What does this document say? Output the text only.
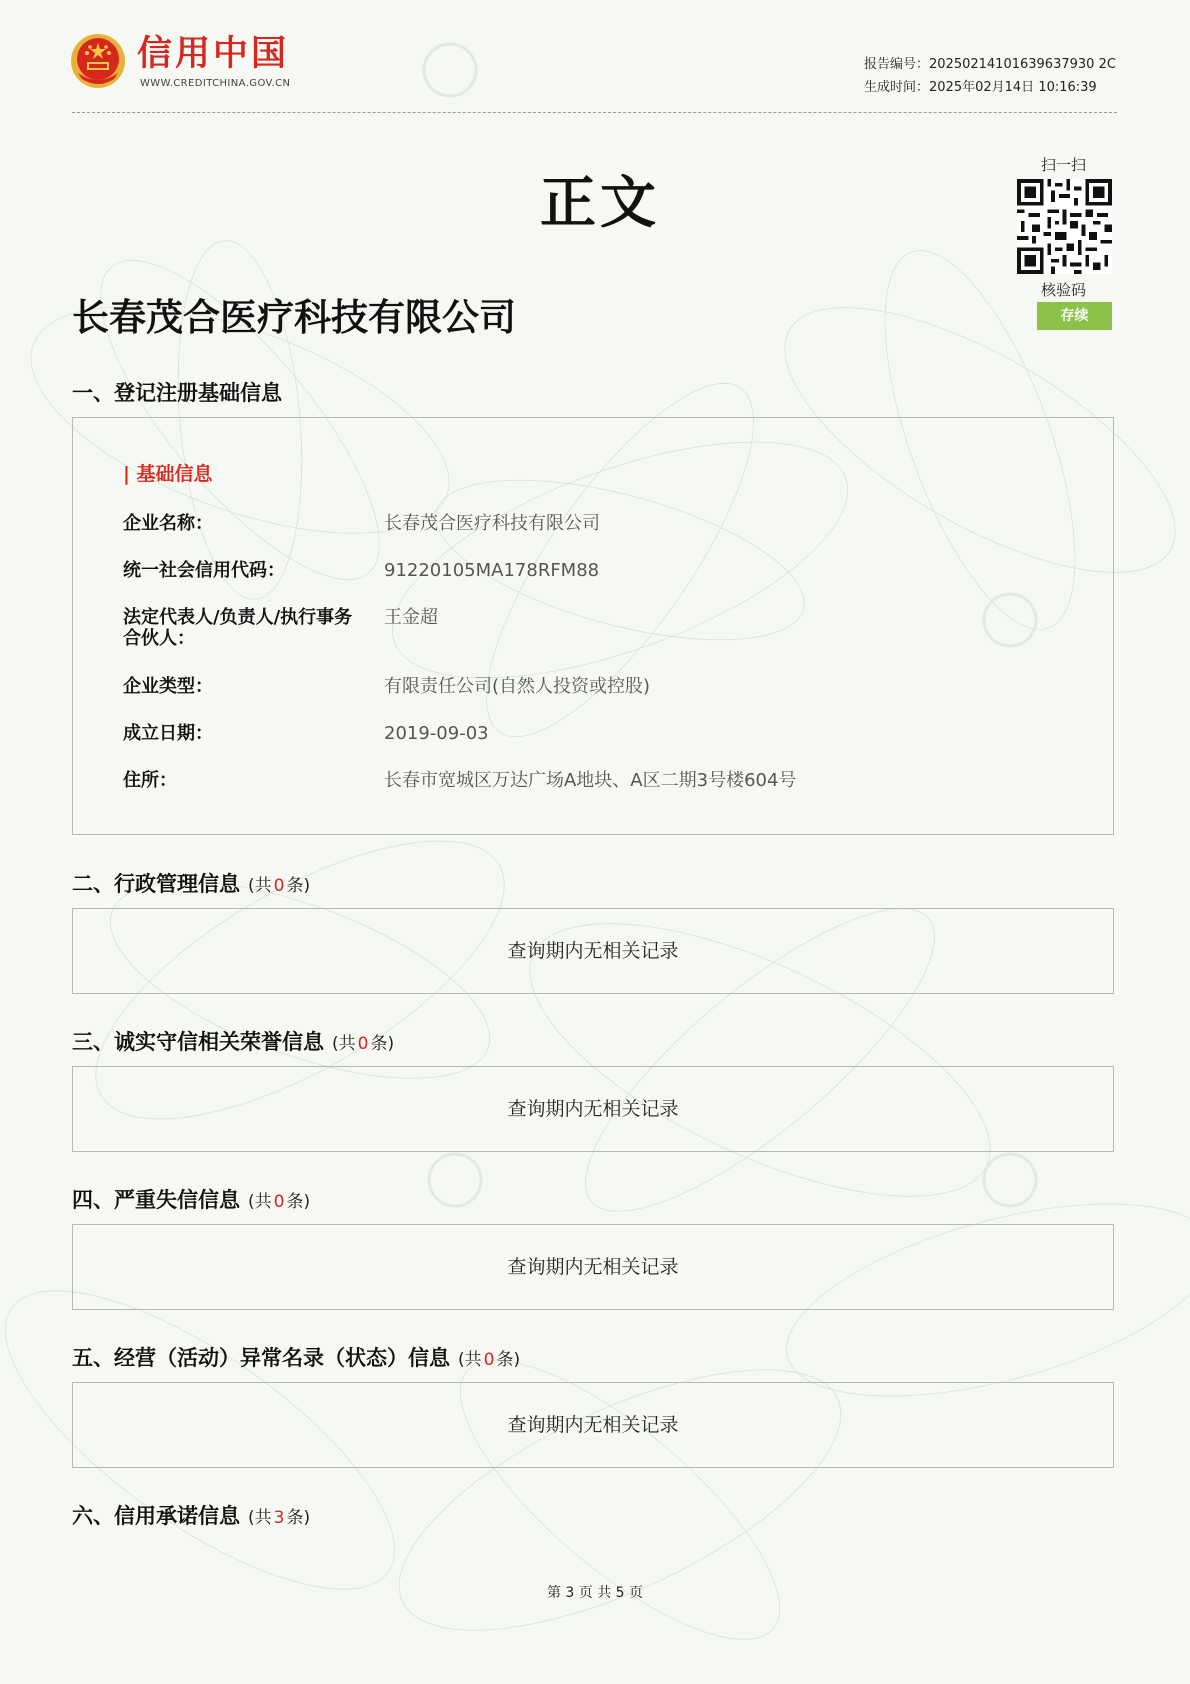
信用中国
WWW.CREDITCHINA.GOV.CN
报告编号：20250214101639637930 2C
生成时间：2025年02月14日 10:16:39
正文
扫一扫
核验码
存续
长春茂合医疗科技有限公司
一、登记注册基础信息
| 基础信息
企业名称：	长春茂合医疗科技有限公司
统一社会信用代码：	91220105MA178RFM88
法定代表人/负责人/执行事务合伙人：
王金超
企业类型：	有限责任公司(自然人投资或控股)
成立日期：	2019-09-03
住所：	长春市宽城区万达广场A地块、A区二期3号楼604号
二、行政管理信息 (共 0 条)
查询期内无相关记录
三、诚实守信相关荣誉信息 (共 0 条)
查询期内无相关记录
四、严重失信信息 (共 0 条)
查询期内无相关记录
五、经营（活动）异常名录（状态）信息 (共 0 条)
查询期内无相关记录
六、信用承诺信息 (共 3 条)
第 3 页 共 5 页
